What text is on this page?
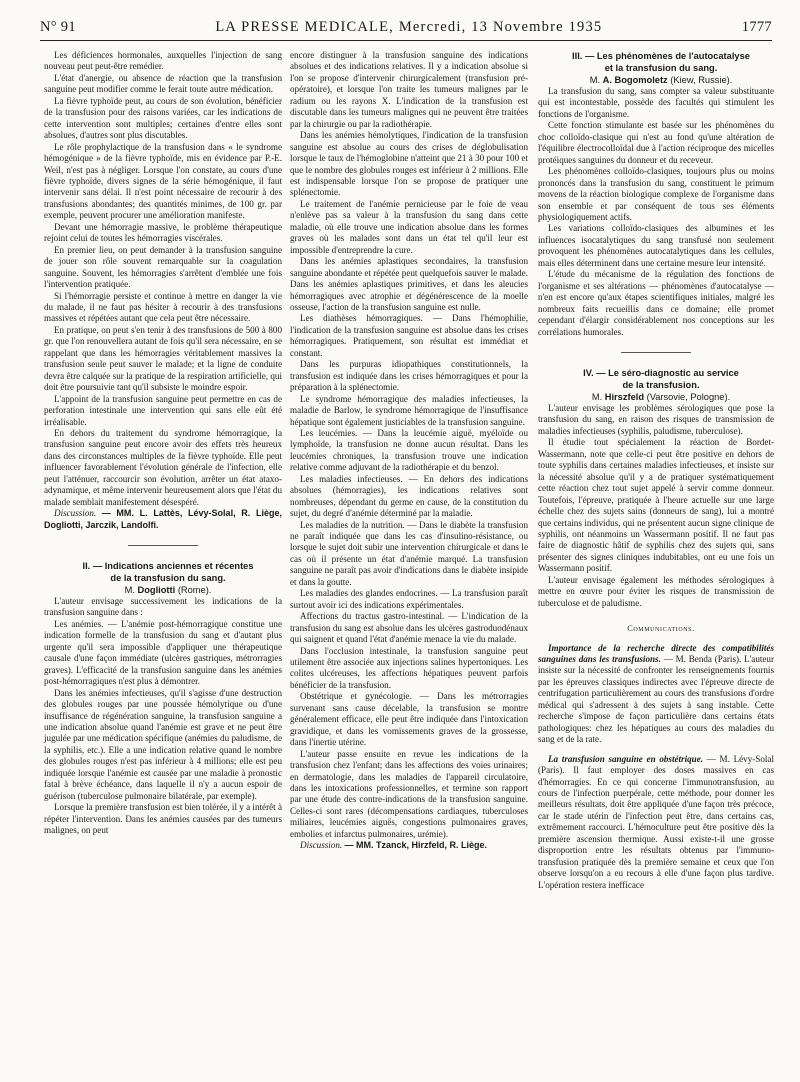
N° 91	LA PRESSE MEDICALE, Mercredi, 13 Novembre 1935	1777

Les déficiences hormonales, auxquelles l'injection de sang nouveau peut peut-être remédier.

L'état d'anergie, ou absence de réaction que la transfusion sanguine peut modifier comme le ferait toute autre médication.

La fièvre typhoïde peut, au cours de son évolution, bénéficier de la transfusion pour des raisons variées, car les indications de cette intervention sont multiples; certaines d'entre elles sont absolues, d'autres sont plus discutables.

Le rôle prophylactique de la transfusion dans « le syndrome hémogénique » de la fièvre typhoïde, mis en évidence par P.-E. Weil, n'est pas à négliger. Lorsque l'on constate, au cours d'une fièvre typhoïde, divers signes de la série hémogénique, il faut intervenir sans délai. Il n'est point nécessaire de recourir à des transfusions abondantes; des quantités minimes, de 100 gr. par exemple, peuvent procurer une amélioration manifeste.

Devant une hémorragie massive, le problème thérapeutique rejoint celui de toutes les hémorragies viscérales.

En premier lieu, on peut demander à la transfusion sanguine de jouer son rôle souvent remarquable sur la coagulation sanguine. Souvent, les hémorragies s'arrêtent d'emblée une fois l'intervention pratiquée.

Si l'hémorragie persiste et continue à mettre en danger la vie du malade, il ne faut pas hésiter à recourir à des transfusions massives et répétées autant que cela peut être nécessaire.

En pratique, on peut s'en tenir à des transfusions de 500 à 800 gr. que l'on renouvellera autant de fois qu'il sera nécessaire, en se rappelant que dans les hémorragies véritablement massives la transfusion seule peut sauver le malade; et la ligne de conduite devra être calquée sur la pratique de la respiration artificielle, qui doit être poursuivie tant qu'il subsiste le moindre espoir.

L'appoint de la transfusion sanguine peut permettre en cas de perforation intestinale une intervention qui sans elle eût été irréalisable.

En dehors du traitement du syndrome hémorragique, la transfusion sanguine peut encore avoir des effets très heureux dans des circonstances multiples de la fièvre typhoïde. Elle peut influencer favorablement l'évolution générale de l'infection, elle peut l'atténuer, raccourcir son évolution, arrêter un état ataxo-adynamique, et même intervenir heureusement alors que l'état du malade semblait manifestement désespéré.

Discussion. — MM. L. Lattès, Lévy-Solal, R. Liège, Dogliotti, Jarczik, Landolfi.

II. — Indications anciennes et récentes

de la transfusion du sang.

M. Dogliotti (Rome).

L'auteur envisage successivement les indications de la transfusion sanguine dans :

Les anémies. — L'anémie post-hémorragique constitue une indication formelle de la transfusion du sang et d'autant plus urgente qu'il sera impossible d'appliquer une thérapeutique causale d'une façon immédiate (ulcères gastriques, métrorragies graves). L'efficacité de la transfusion sanguine dans les anémies post-hémorragiques n'est plus à démontrer.

Dans les anémies infectieuses, qu'il s'agisse d'une destruction des globules rouges par une poussée hémolytique ou d'une insuffisance de régénération sanguine, la transfusion sanguine a une indication absolue quand l'anémie est grave et ne peut être jugulée par une médication spécifique (anémies du paludisme, de la syphilis, etc.). Elle a une indication relative quand le nombre des globules rouges n'est pas inférieur à 4 millions; elle est peu indiquée lorsque l'anémie est causée par une maladie à pronostic fatal à brève échéance, dans laquelle il n'y a aucun espoir de guérison (tuberculose pulmonaire bilatérale, par exemple).

Lorsque la première transfusion est bien tolérée, il y a intérêt à répéter l'intervention. Dans les anémies causées par des tumeurs malignes, on peut

encore distinguer à la transfusion sanguine des indications absolues et des indications relatives. Il y a indication absolue si l'on se propose d'intervenir chirurgicalement (transfusion pré-opératoire), et lorsque l'on traite les tumeurs malignes par le radium ou les rayons X. L'indication de la transfusion est discutable dans les tumeurs malignes qui ne peuvent être traitées par la chirurgie ou par la radiothérapie.

Dans les anémies hémolytiques, l'indication de la transfusion sanguine est absolue au cours des crises de déglobulisation lorsque le taux de l'hémoglobine n'atteint que 21 à 30 pour 100 et que le nombre des globules rouges est inférieur à 2 millions. Elle est indispensable lorsque l'on se propose de pratiquer une splénectomie.

Le traitement de l'anémie pernicieuse par le foie de veau n'enlève pas sa valeur à la transfusion du sang dans cette maladie, où elle trouve une indication absolue dans les formes graves où les malades sont dans un état tel qu'il leur est impossible d'entreprendre la cure.

Dans les anémies aplastiques secondaires, la transfusion sanguine abondante et répétée peut quelquefois sauver le malade. Dans les anémies aplastiques primitives, et dans les aleucies hémorragiques avec atrophie et dégénérescence de la moelle osseuse, l'action de la transfusion sanguine est nulle.

Les diathèses hémorragiques. — Dans l'hémophilie, l'indication de la transfusion sanguine est absolue dans les crises hémorragiques. Pratiquement, son résultat est immédiat et constant.

Dans les purpuras idiopathiques constitutionnels, la transfusion est indiquée dans les crises hémorragiques et pour la préparation à la splénectomie.

Le syndrome hémorragique des maladies infectieuses, la maladie de Barlow, le syndrome hémorragique de l'insuffisance hépatique sont également justiciables de la transfusion sanguine.

Les leucémies. — Dans la leucémie aiguë, myéloïde ou lymphoïde, la transfusion ne donne aucun résultat. Dans les leucémies chroniques, la transfusion trouve une indication relative comme adjuvant de la radiothérapie et du benzol.

Les maladies infectieuses. — En dehors des indications absolues (hémorragies), les indications relatives sont nombreuses, dépendant du germe en cause, de la constitution du sujet, du degré d'anémie déterminé par la maladie.

Les maladies de la nutrition. — Dans le diabète la transfusion ne paraît indiquée que dans les cas d'insulino-résistance, ou lorsque le sujet doit subir une intervention chirurgicale et dans le cas où il présente un état d'anémie marqué. La transfusion sanguine ne paraît pas avoir d'indications dans le diabète insipide et dans la goutte.

Les maladies des glandes endocrines. — La transfusion paraît surtout avoir ici des indications expérimentales.

Affections du tractus gastro-intestinal. — L'indication de la transfusion du sang est absolue dans les ulcères gastroduodénaux qui saignent et quand l'état d'anémie menace la vie du malade.

Dans l'occlusion intestinale, la transfusion sanguine peut utilement être associée aux injections salines hypertoniques. Les colites ulcéreuses, les affections hépatiques peuvent parfois bénéficier de la transfusion.

Obstétrique et gynécologie. — Dans les métrorragies survenant sans cause décelable, la transfusion se montre généralement efficace, elle peut être indiquée dans l'intoxication gravidique, et dans les vomissements graves de la grossesse, dans l'inertie utérine.

L'auteur passe ensuite en revue les indications de la transfusion chez l'enfant; dans les affections des voies urinaires; en dermatologie, dans les maladies de l'appareil circulatoire, dans les intoxications professionnelles, et termine son rapport par une étude des contre-indications de la transfusion sanguine. Celles-ci sont rares (décompensations cardiaques, tuberculoses miliaires, leucémies aiguës, congestions pulmonaires graves, embolies et infarctus pulmonaires, urémie).

Discussion. — MM. Tzanck, Hirzfeld, R. Liège.

III. — Les phénomènes de l'autocatalyse

et la transfusion du sang.

M. A. Bogomoletz (Kiew, Russie).

La transfusion du sang, sans compter sa valeur substituante qui est incontestable, possède des facultés qui stimulent les fonctions de l'organisme.

Cette fonction stimulante est basée sur les phénomènes du choc colloïdo-clasique qui n'est au fond qu'une altération de l'équilibre électrocolloïdal due à l'action réciproque des micelles protéiques sanguines du donneur et du receveur.

Les phénomènes colloïdo-clasiques, toujours plus ou moins prononcés dans la transfusion du sang, constituent le primum movens de la réaction biologique complexe de l'organisme dans son ensemble et par conséquent de tous ses éléments physiologiquement actifs.

Les variations colloïdo-clasiques des albumines et les influences isocatalytiques du sang transfusé non seulement provoquent les phénomènes autocatalytiques dans les cellules, mais elles déterminent dans une certaine mesure leur intensité.

L'étude du mécanisme de la régulation des fonctions de l'organisme et ses altérations — phénomènes d'autocatalyse — n'en est encore qu'aux étapes scientifiques initiales, malgré les nombreux faits recueillis dans ce domaine; elle promet cependant d'élargir considérablement nos conceptions sur les corrélations humorales.

IV. — Le séro-diagnostic au service

de la transfusion.

M. Hirszfeld (Varsovie, Pologne).

L'auteur envisage les problèmes sérologiques que pose la transfusion du sang, en raison des risques de transmission de maladies infectieuses (syphilis, paludisme, tuberculose).

Il étudie tout spécialement la réaction de Bordet-Wassermann, note que celle-ci peut être positive en dehors de toute syphilis dans certaines maladies infectieuses, et insiste sur la nécessité absolue qu'il y a de pratiquer systématiquement cette réaction chez tout sujet appelé à servir comme donneur. Toutefois, l'épreuve, pratiquée à l'heure actuelle sur une large échelle chez des sujets sains (donneurs de sang), lui a montré que certains individus, qui ne présentent aucun signe clinique de syphilis, ont néanmoins un Wassermann positif. Il ne faut pas faire de diagnostic hâtif de syphilis chez des sujets qui, sans présenter des signes cliniques indubitables, ont eu une fois un Wassermann positif.

L'auteur envisage également les méthodes sérologiques à mettre en œuvre pour éviter les risques de transmission de tuberculose et de paludisme.

Communications.

Importance de la recherche directe des compatibilités sanguines dans les transfusions. — M. Benda (Paris). L'auteur insiste sur la nécessité de confronter les renseignements fournis par les épreuves classiques indirectes avec l'épreuve directe de centrifugation particulièrement au cours des transfusions d'ordre médical qui s'adressent à des sujets à sang instable. Cette recherche s'impose de façon particulière dans certains états pathologiques: chez les hépatiques au cours des maladies du sang et de la rate.

La transfusion sanguine en obstétrique. — M. Lévy-Solal (Paris). Il faut employer des doses massives en cas d'hémorragies. En ce qui concerne l'immunotransfusion, au cours de l'infection puerpérale, cette méthode, pour donner les meilleurs résultats, doit être appliquée d'une façon très précoce, car le stade utérin de l'infection peut être, dans certains cas, extrêmement raccourci. L'hémoculture peut être positive dès la première ascension thermique. Aussi existe-t-il une grosse disproportion entre les résultats obtenus par l'immuno-transfusion pratiquée dès la première semaine et ceux que l'on observe lorsqu'on a eu recours à elle d'une façon plus tardive. L'opération restera inefficace
